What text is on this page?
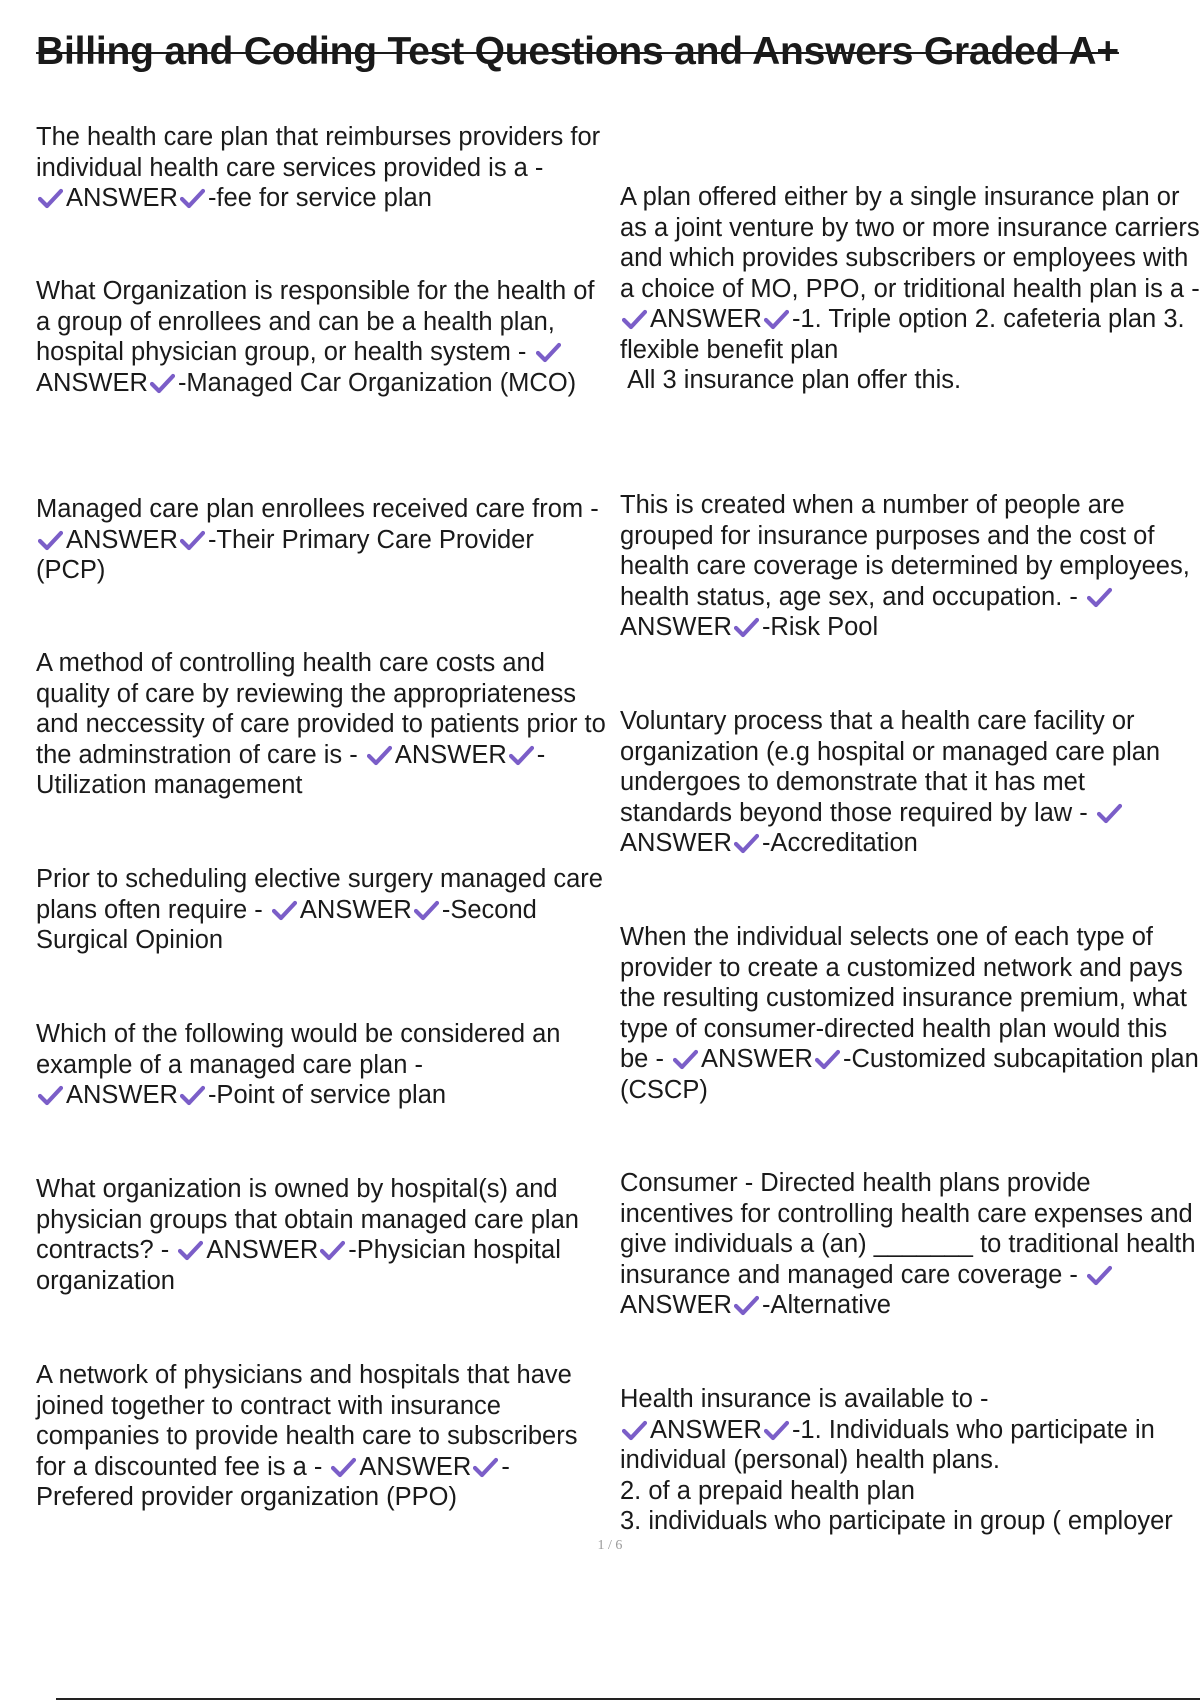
Billing and Coding Test Questions and Answers Graded A+

The health care plan that reimburses providers for individual health care services provided is a -

ANSWER -fee for service plan

What Organization is responsible for the health of a group of enrollees and can be a health plan, hospital physician group, or health system -
ANSWER -Managed Car Organization (MCO)

Managed care plan enrollees received care from -
ANSWER -Their Primary Care Provider (PCP)

A method of controlling health care costs and quality of care by reviewing the appropriateness and neccessity of care provided to patients prior to the adminstration of care is - ANSWER -Utilization management

Prior to scheduling elective surgery managed care plans often require - ANSWER -Second Surgical Opinion

Which of the following would be considered an example of a managed care plan -

ANSWER -Point of service plan

What organization is owned by hospital(s) and physician groups that obtain managed care plan contracts? - ANSWER -Physician hospital organization

A network of physicians and hospitals that have joined together to contract with insurance companies to provide health care to subscribers for a discounted fee is a - ANSWER -Prefered provider organization (PPO)

A plan offered either by a single insurance plan or as a joint venture by two or more insurance carriers and which provides subscribers or employees with a choice of MO, PPO, or triditional health plan is a -
ANSWER -1. Triple option 2. cafeteria plan 3. flexible benefit plan
All 3 insurance plan offer this.

This is created when a number of people are grouped for insurance purposes and the cost of health care coverage is determined by employees, health status, age sex, and occupation. -
ANSWER -Risk Pool

Voluntary process that a health care facility or organization (e.g hospital or managed care plan undergoes to demonstrate that it has met standards beyond those required by law -
ANSWER -Accreditation

When the individual selects one of each type of provider to create a customized network and pays the resulting customized insurance premium, what type of consumer-directed health plan would this be - ANSWER -Customized subcapitation plan (CSCP)

Consumer - Directed health plans provide incentives for controlling health care expenses and give individuals a (an) _______ to traditional health insurance and managed care coverage -
ANSWER -Alternative

Health insurance is available to -

ANSWER -1. Individuals who participate in individual (personal) health plans.
2. of a prepaid health plan
3. individuals who participate in group ( employer

1 / 6
